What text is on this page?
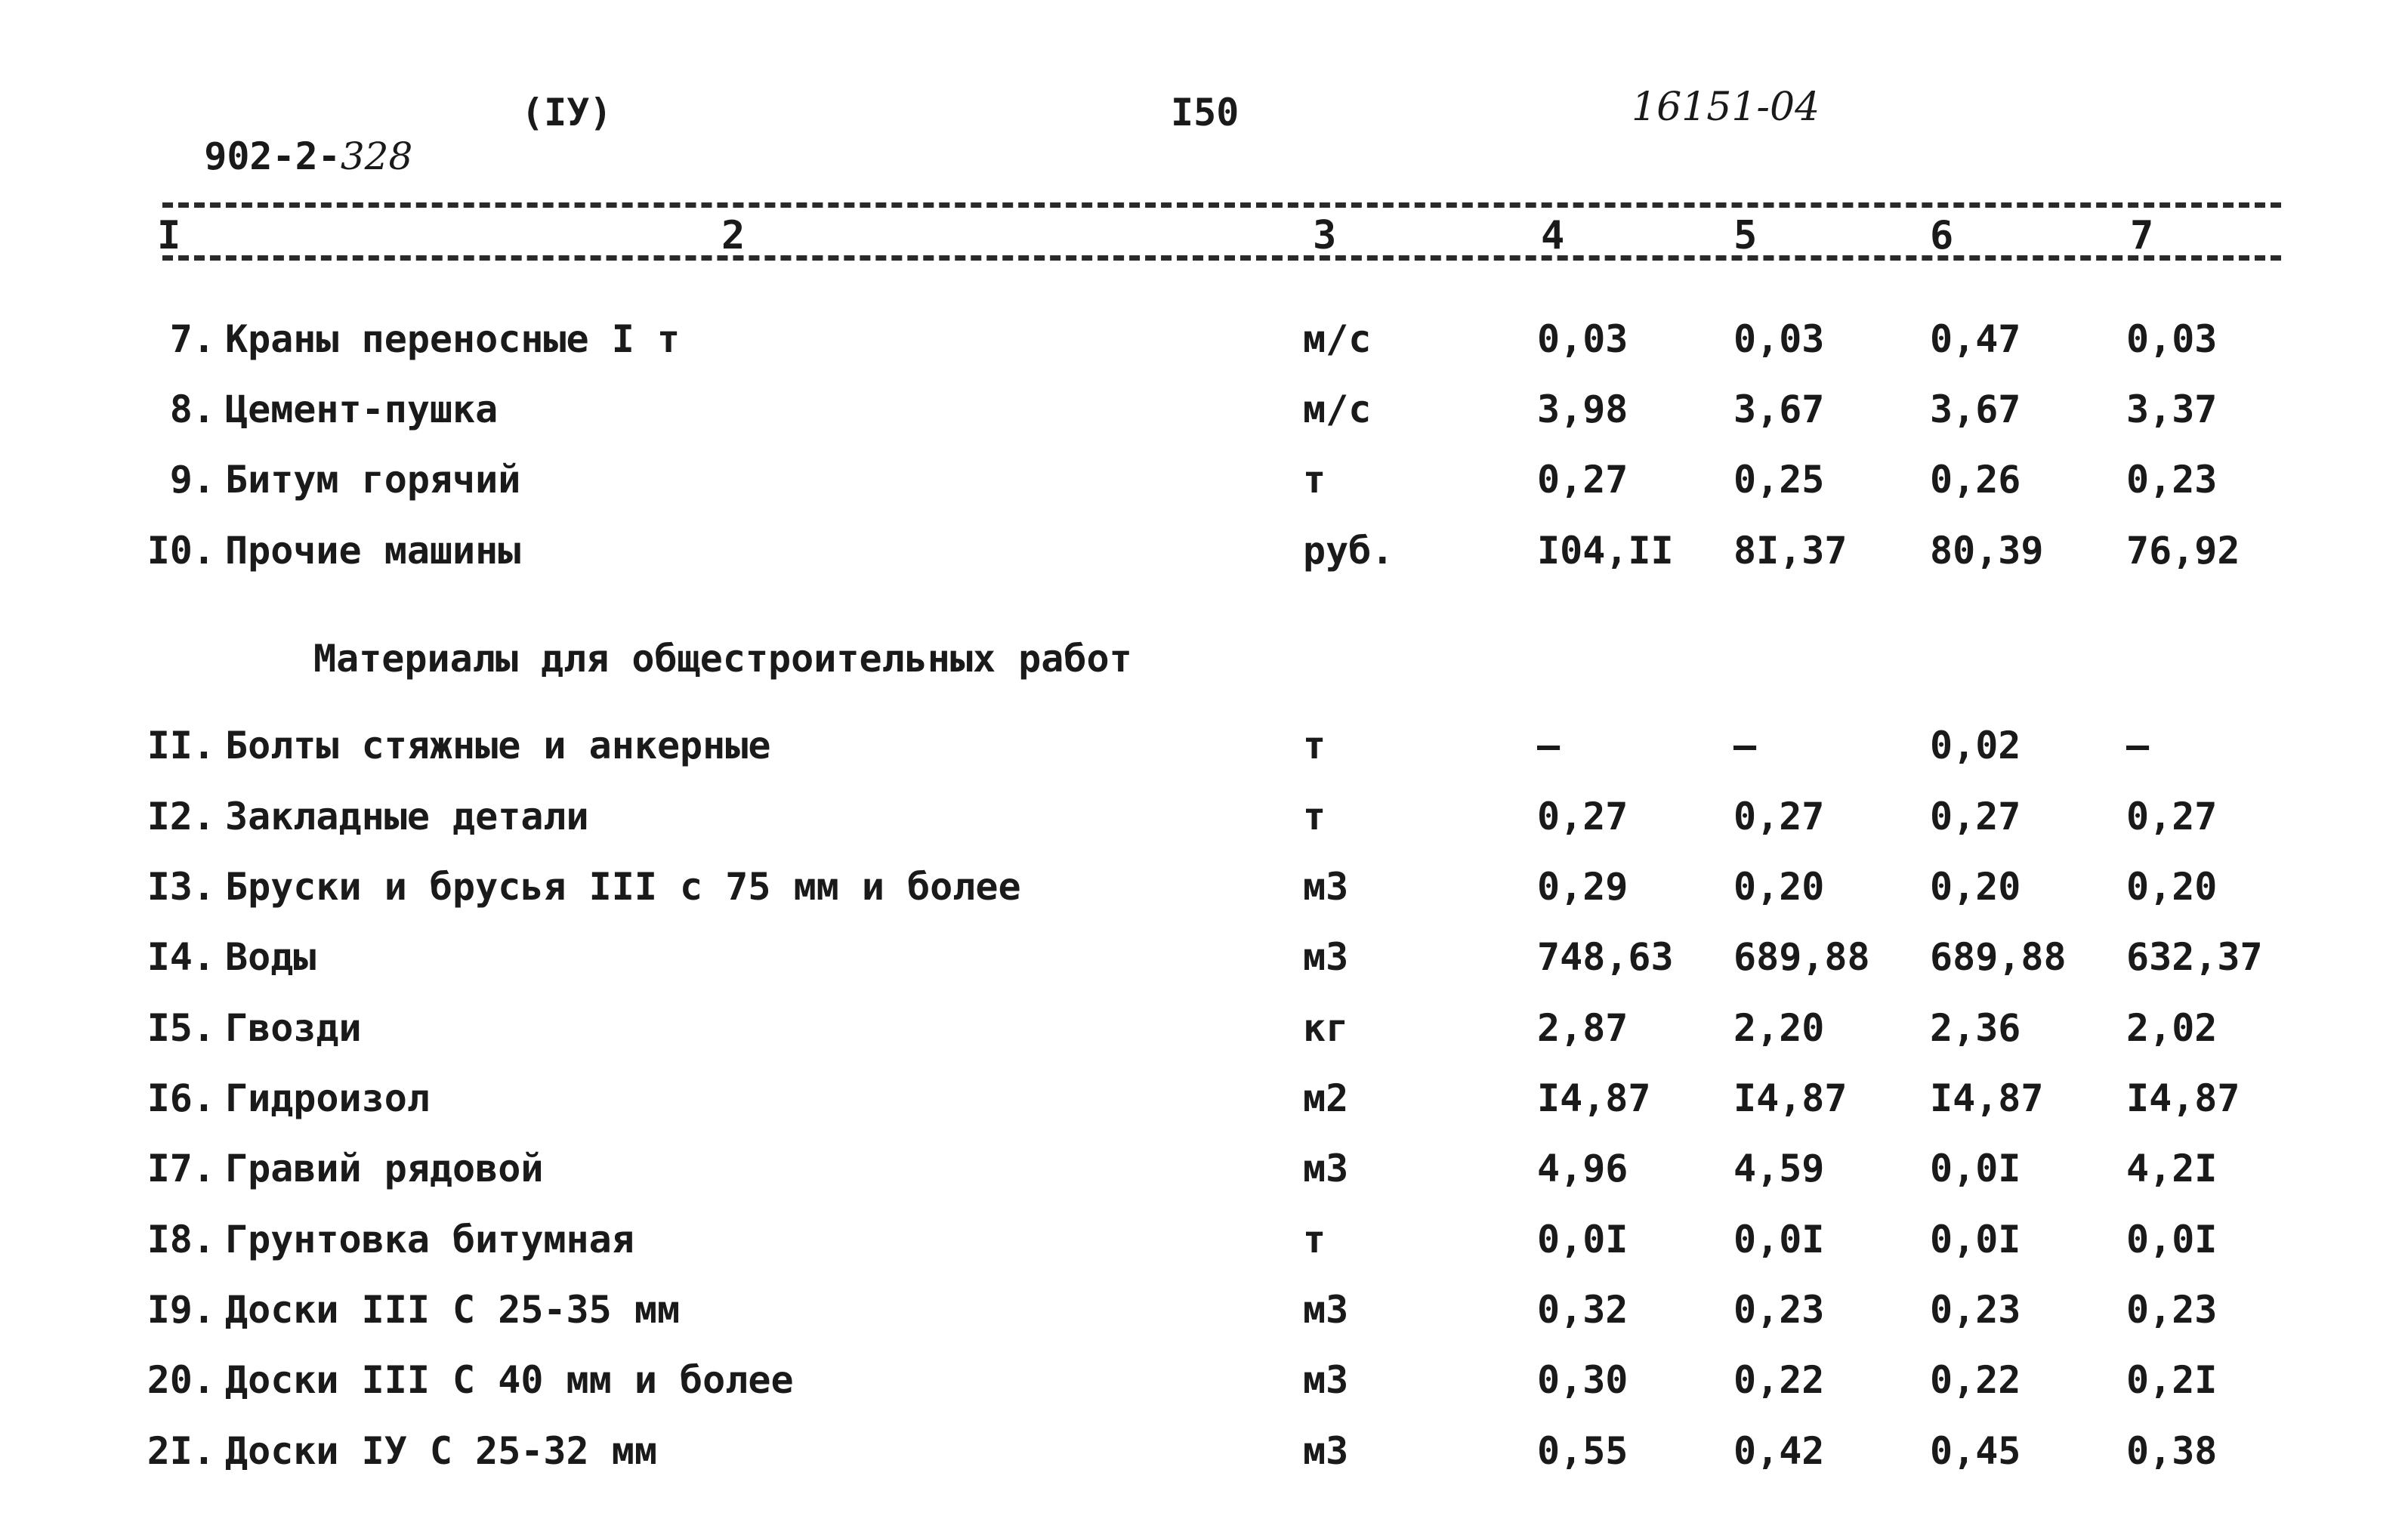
902-2-328

(IУ)	I50	16151-04
I	2	3	4	5	6	7
7. Краны переносные I т	м/с	0,03	0,03	0,47	0,03
8. Цемент-пушка	м/с	3,98	3,67	3,67	3,37
9. Битум горячий	т	0,27	0,25	0,26	0,23
I0. Прочие машины	руб.	I04,II 8I,37 80,39 76,92
Материалы для общестроительных работ
II. Болты стяжные и анкерные	т	–	–	0,02	–
I2. Закладные детали	т	0,27	0,27	0,27	0,27
I3. Бруски и брусья III с 75 мм и более	м3	0,29	0,20	0,20	0,20
I4. Воды	м3	748,63 689,88 689,88 632,37
I5. Гвозди	кг	2,87	2,20	2,36	2,02
I6. Гидроизол	м2	I4,87 I4,87 I4,87 I4,87
I7. Гравий рядовой	м3	4,96	4,59	0,0I	4,2I
I8. Грунтовка битумная	т	0,0I	0,0I	0,0I	0,0I
I9. Доски III С 25-35 мм	м3	0,32	0,23	0,23	0,23
20. Доски III С 40 мм и более	м3	0,30	0,22	0,22	0,2I
2I. Доски IУ С 25-32 мм	м3	0,55	0,42	0,45	0,38
